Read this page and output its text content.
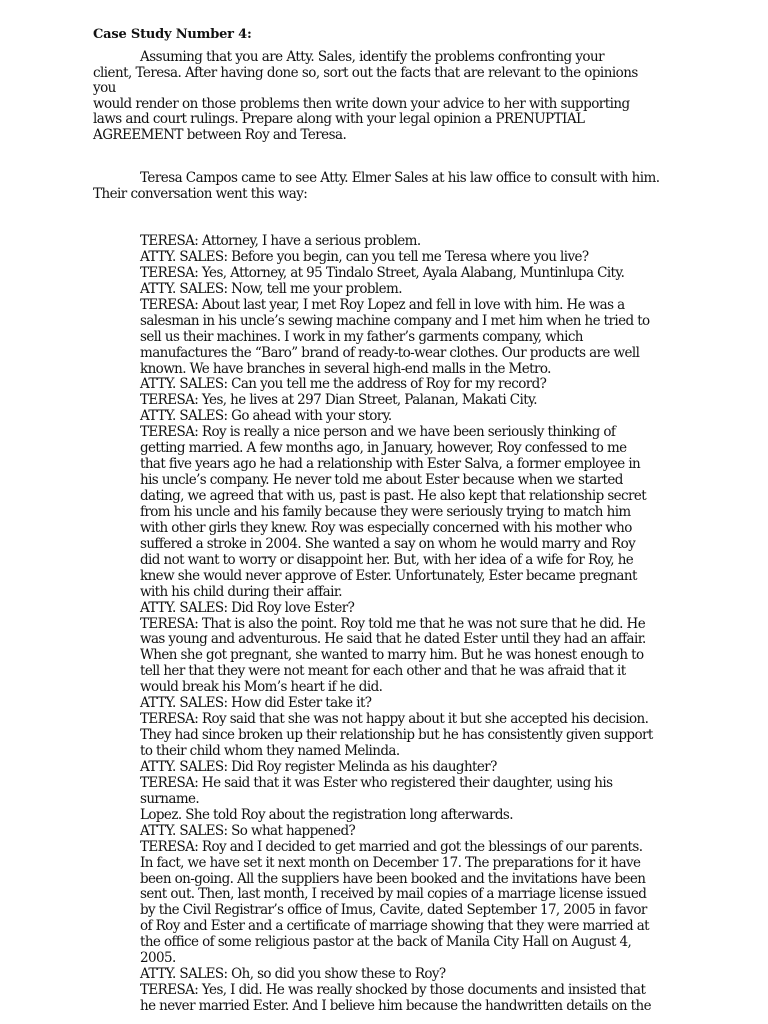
Case Study Number 4:
Assuming that you are Atty. Sales, identify the problems confronting your
client, Teresa. After having done so, sort out the facts that are relevant to the opinions
you
would render on those problems then write down your advice to her with supporting
laws and court rulings. Prepare along with your legal opinion a PRENUPTIAL
AGREEMENT between Roy and Teresa.
Teresa Campos came to see Atty. Elmer Sales at his law office to consult with him.
Their conversation went this way:
TERESA: Attorney, I have a serious problem.
ATTY. SALES: Before you begin, can you tell me Teresa where you live?
TERESA: Yes, Attorney, at 95 Tindalo Street, Ayala Alabang, Muntinlupa City.
ATTY. SALES: Now, tell me your problem.
TERESA: About last year, I met Roy Lopez and fell in love with him. He was a
salesman in his uncle’s sewing machine company and I met him when he tried to
sell us their machines. I work in my father’s garments company, which
manufactures the “Baro” brand of ready-to-wear clothes. Our products are well
known. We have branches in several high-end malls in the Metro.
ATTY. SALES: Can you tell me the address of Roy for my record?
TERESA: Yes, he lives at 297 Dian Street, Palanan, Makati City.
ATTY. SALES: Go ahead with your story.
TERESA: Roy is really a nice person and we have been seriously thinking of
getting married. A few months ago, in January, however, Roy confessed to me
that five years ago he had a relationship with Ester Salva, a former employee in
his uncle’s company. He never told me about Ester because when we started
dating, we agreed that with us, past is past. He also kept that relationship secret
from his uncle and his family because they were seriously trying to match him
with other girls they knew. Roy was especially concerned with his mother who
suffered a stroke in 2004. She wanted a say on whom he would marry and Roy
did not want to worry or disappoint her. But, with her idea of a wife for Roy, he
knew she would never approve of Ester. Unfortunately, Ester became pregnant
with his child during their affair.
ATTY. SALES: Did Roy love Ester?
TERESA: That is also the point. Roy told me that he was not sure that he did. He
was young and adventurous. He said that he dated Ester until they had an affair.
When she got pregnant, she wanted to marry him. But he was honest enough to
tell her that they were not meant for each other and that he was afraid that it
would break his Mom’s heart if he did.
ATTY. SALES: How did Ester take it?
TERESA: Roy said that she was not happy about it but she accepted his decision.
They had since broken up their relationship but he has consistently given support
to their child whom they named Melinda.
ATTY. SALES: Did Roy register Melinda as his daughter?
TERESA: He said that it was Ester who registered their daughter, using his
surname.
Lopez. She told Roy about the registration long afterwards.
ATTY. SALES: So what happened?
TERESA: Roy and I decided to get married and got the blessings of our parents.
In fact, we have set it next month on December 17. The preparations for it have
been on-going. All the suppliers have been booked and the invitations have been
sent out. Then, last month, I received by mail copies of a marriage license issued
by the Civil Registrar’s office of Imus, Cavite, dated September 17, 2005 in favor
of Roy and Ester and a certificate of marriage showing that they were married at
the office of some religious pastor at the back of Manila City Hall on August 4,
2005.
ATTY. SALES: Oh, so did you show these to Roy?
TERESA: Yes, I did. He was really shocked by those documents and insisted that
he never married Ester. And I believe him because the handwritten details on the
